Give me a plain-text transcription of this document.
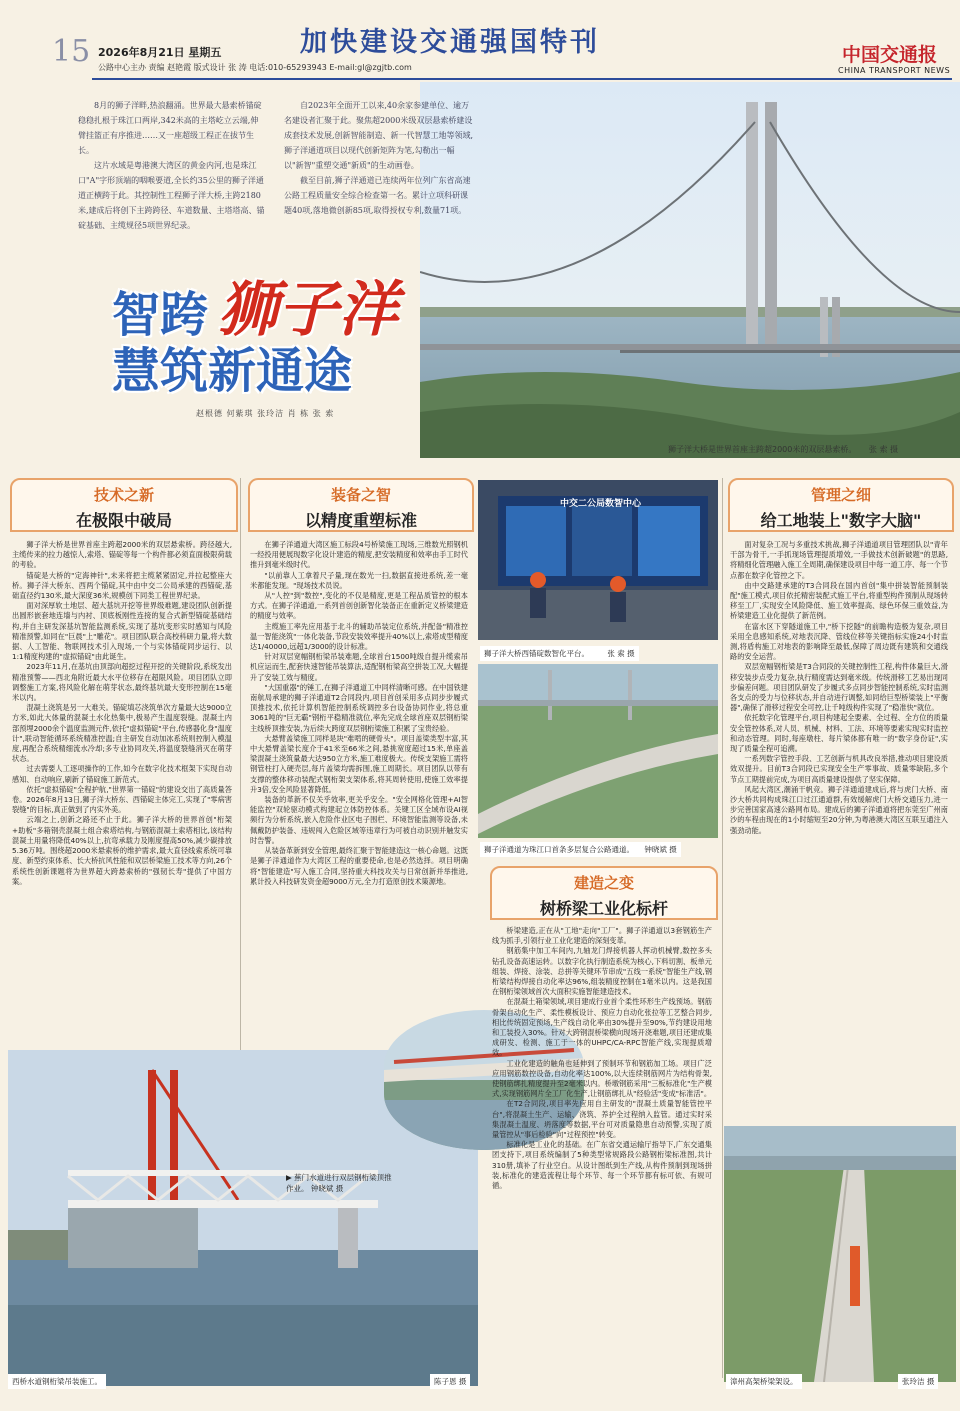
15 2026年8月21日 星期五
公路中心主办 责编 赵艳霞 版式设计 张 涛 电话:010-65293943 E-mail:gl@zgjtb.com
加快建设交通强国特刊	中国交通报
CHINA TRANSPORT NEWS

8月的狮子洋畔,热浪翻涌。世界最大悬索桥锚碇稳稳扎根于珠江口两岸,342米高的主塔屹立云端,伸臂挂篮正有序推进……又一座超级工程正在拔节生长。

这片水域是粤港澳大湾区的黄金内河,也是珠江口"A"字形顶端的咽喉要道,全长约35公里的狮子洋通道正横跨于此。其控制性工程狮子洋大桥,主跨2180米,建成后将创下主跨跨径、车道数量、主塔塔高、锚碇基础、主缆规径5项世界纪录。

自2023年全面开工以来,40余家参建单位、逾万名建设者汇聚于此。聚焦超2000米级双层悬索桥建设成套技术发展,创新智能制造、新一代智慧工地等领域,狮子洋通道项目以现代创新矩阵为笔,勾勒出一幅以"新智"重塑交通"新质"的生动画卷。

截至目前,狮子洋通道已连续两年位列广东省高速公路工程质量安全综合检查第一名。累计立项科研课题40项,落地微创新85项,取得授权专利,数量71项。

智跨 狮子洋
慧筑新通途
赵根德 何紫琪 张玲洁 肖 栋 张 索
狮子洋大桥是世界首座主跨超2000米的双层悬索桥。 张 索 摄
技术之新
在极限中破局

狮子洋大桥是世界首座主跨超2000米的双层悬索桥。跨径越大,主缆传来的拉力越惊人,索塔、锚碇等每一个构件都必须直面极限荷载的考验。

锚碇是大桥的"定海神针",未来将把主缆紧紧固定,并拉起整座大桥。狮子洋大桥东、西两个锚碇,其中由中交二公局承建的西锚碇,基础直径约130米,最大深度36米,规模创下同类工程世界纪录。

面对深厚软土地层、超大基坑开挖等世界级难题,建设团队创新提出圆形嵌套地连墙与内衬、顶底板刚性连接的复合式新型锚碇基础结构,并自主研发深基坑智能监测系统,实现了基坑变形实时感知与风险精准预警,如同在"巨晨"上"雕花"。项目团队联合高校科研力量,将大数据、人工智能、物联网技术引入现场,一个与实体锚碇同步运行、以1:1精度构建的"虚拟锚碇"由此诞生。

2023年11月,在基坑由顶部向超挖过程开挖的关键阶段,系统发出精准预警——西北角附近最大水平位移存在超限风险。项目团队立即调整施工方案,将风险化解在萌芽状态,最终基坑最大变形控制在15毫米以内。

混凝土浇筑是另一大难关。锚碇填芯浇筑单次方量最大达9000立方米,如此大体量的混凝土水化热集中,极易产生温度裂缝。混凝土内部预埋2000余个温度监测元件,依托"虚拟锚碇"平台,传感器化身"温度计",联动智能循环系统精准控温;自主研发自动加冰系统则控制入模温度,再配合系统精细流水冷却;多专业协同攻关,将温度裂缝消灭在萌芽状态。

过去需要人工逐项操作的工作,如今在数字化技术框架下实现自动感知、自动响应,刷新了锚碇施工新范式。

依托"虚拟锚碇"全程护航,"世界第一锚碇"的建设交出了高质量答卷。2026年8月13日,狮子洋大桥东、西锚碇主体完工,实现了"零病害裂缝"的目标,真正做到了内实外美。

云端之上,创新之路还不止于此。狮子洋大桥的世界首创"桁架+助板"多箱钢壳混凝土组合索塔结构,与钢筋混凝土索塔相比,该结构混凝土用量将降低40%以上,抗弯承载力及刚度提高50%,减少碳排放5.36万吨。围绕超2000米悬索桥的维护需求,最大直径线索系统可靠度、新型约束体系、长大桥抗风性能和双层桥梁施工技术等方向,26个系统性创新课题将为世界超大跨悬索桥的"强韧长寿"提供了中国方案。

西桥水道钢桁梁吊装施工。	陈子恩 摄
装备之智
以精度重塑标准

在狮子洋通道大湾区施工标段4号桥梁施工现场,三维数光照钢机一经投用便展现数字化设计建造的精度,把安装精度和效率由手工时代推升到毫米级时代。

"以前靠人工拿着尺子量,现在数光一扫,数据直接进系统,差一毫米都能发现。"现场技术员说。

从"人控"到"数控",变化的不仅是精度,更是工程品质管控的根本方式。在狮子洋通道,一系列首创创新智化装备正在重新定义桥梁建造的精度与效率。

主缆施工率先应用基于北斗的辅助吊装定位系统,并配备"精准控温一智能浇筑"一体化装备,节段安装效率提升40%以上,索塔成型精度达1/40000,远超1/3000的设计标准。

针对双层宽幅钢桁梁吊装难题,全球首台1500吨级自提升缆索吊机应运而生,配套快速智能吊装算法,适配钢桁梁高空拼装工况,大幅提升了安装工效与精度。

"大国重器"的锤工,在狮子洋通道工中同样清晰可感。在中国铁建南航局承建的狮子洋通道T2合同段内,项目首创采用多点同步步履式顶推技术,依托计算机智能控制系统调控多台设备协同作业,将总重3061吨的"巨无霸"钢桁平稳精准就位,率先完成全球首座双层钢桁梁主线桥顶推安装,为后续大跨度双层钢桁梁施工积累了宝贵经验。

大悬臂盖梁施工同样是块"难啃的硬骨头"。项目盖梁类型丰富,其中大悬臂盖梁长度介于41米至66米之间,悬挑宽度超过15米,单座盖梁混凝土浇筑量最大达950立方米,施工难度极大。传统支架施工需将钢管柱打入硬壳层,每片盖梁均需拆围,施工周期长。项目团队以带有支撑的整体移动装配式钢桁架支架体系,将其周转使用,使施工效率提升3倍,安全风险显著降低。

装备的革新不仅关乎效率,更关乎安全。"安全网格化管理+AI智能监控"双轮驱动模式构建起立体防控体系。关键工区全域布设AI视频行为分析系统,嵌入危险作业区电子围栏、环境智能监测等设备,未佩戴防护装备、违规闯入危险区域等违章行为可被自动识别并触发实时告警。

从装备革新到安全管理,最终汇聚于智能建造这一核心命题。这既是狮子洋通道作为大湾区工程的重要使命,也是必然选择。项目明确将"智能建造"写入施工合同,坚持重大科技攻关与日常创新并举推进,累计投入科技研发资金超9000万元,全力打造原创技术策源地。

▶ 蕉门水道进行双层钢桁梁顶推作业。 钟晓斌 摄
中交二公局数智中心
狮子洋大桥西锚碇数智化平台。 张 索 摄
狮子洋通道为珠江口首条多层复合公路通道。 钟晓斌 摄
建造之变
树桥梁工业化标杆

桥梁建造,正在从"工地"走向"工厂"。狮子洋通道以3套钢筋生产线为抓手,引领行业工业化建造的深刻变革。

钢筋集中加工车间内,九轴龙门焊接机器人挥动机械臂,数控多头钻孔设备高速运转。以数字化执行制造系统为核心,下料切割、板单元组装、焊接、涂装、总拼等关键环节串成"五线一系统"智能生产线,钢桁梁结构焊接自动化率达96%,组装精度控制在1毫米以内。这是我国在钢桁梁领域首次大面积实施智能建造技术。

在混凝土箱梁领域,项目建成行业首个柔性环形生产线预场。钢筋骨架自动化生产、柔性模板设计、预应力自动化张拉等工艺整合同步,相比传统固定预场,生产线自动化率由30%提升至90%,节约建设用地和工装投入30%。针对大跨钢混桥梁横向现场开浇难题,项目还建成集成研发、检测、施工于一体的UHPC/CA-RPC智能产线,实现提质增效。

工业化建造的触角也延伸到了预制环节和钢筋加工场。项目广泛应用钢筋数控设备,自动化率达100%,以大连续钢筋网片为结构骨架,使钢筋绑扎精度提升至2毫米以内。桥墩钢筋采用"三板标准化"生产模式,实现钢筋网片全工厂化生产,让钢筋绑扎从"经验活"变成"标准活"。

在T2合同段,项目率先应用自主研发的"混凝土质量智能管控平台",将混凝土生产、运输、浇筑、养护全过程纳入监管。通过实时采集混凝土温度、坍落度等数据,平台可对质量隐患自动预警,实现了质量管控从"事后检验"向"过程预控"转变。

标准化是工业化的基础。在广东省交通运输厅指导下,广东交通集团支持下,项目系统编制了5种类型常规路段公路钢桁梁标准图,共计310册,填补了行业空白。从设计图纸到生产线,从构件预制到现场拼装,标准化的建造流程让每个环节、每一个环节都有标可依、有规可循。

管理之细
给工地装上"数字大脑"

面对复杂工况与多重技术挑战,狮子洋通道项目管理团队以"青年干部为骨干,一手抓现场管理提质增效,一手做技术创新破题"的思路,将精细化管理融入施工全周期,确保建设项目中每一道工序、每一个节点都在数字化管控之下。

由中交路建承建的T3合同段在国内首创"集中拼装智能预制装配"施工模式,项目依托精密装配式施工平台,将重型构件预制从现场转移至工厂,实现安全风险降低、施工效率提高、绿色环保三重效益,为桥梁建造工业化提供了新范例。

在富水区下穿隧道施工中,"桥下挖隧"的前瞻构造极为复杂,项目采用全息感知系统,对地表沉降、管线位移等关键指标实施24小时监测,将盾构施工对地表的影响降至最低,保障了周边既有建筑和交通线路的安全运营。

双层宽幅钢桁梁是T3合同段的关键控制性工程,构件体量巨大,滑移安装步点受力复杂,执行精度需达到毫米级。传统滑移工艺易出现同步偏差问题。项目团队研发了步履式多点同步智能控制系统,实时监测各支点的受力与位移状态,并自动进行调整,如同给巨型桥梁装上"平衡器",确保了滑移过程安全可控,让千吨级构件实现了"稳准快"就位。

依托数字化管理平台,项目构建起全要素、全过程、全方位的质量安全管控体系,对人员、机械、材料、工法、环境等要素实现实时监控和动态管理。同时,每座墩柱、每片梁体都有唯一的"数字身份证",实现了质量全程可追溯。

一系列数字管控手段、工艺创新与机具改良举措,推动项目建设质效双提升。目前T3合同段已实现安全生产零事故、质量零缺陷,多个节点工期提前完成,为项目高质量建设提供了坚实保障。

风起大湾区,潮涌干帆竞。狮子洋通道建成后,将与虎门大桥、南沙大桥共同构成珠江口过江通道群,有效缓解虎门大桥交通压力,进一步完善国家高速公路网布局。建成后的狮子洋通道将把东莞至广州南沙的车程由现在的1小时缩短至20分钟,为粤港澳大湾区互联互通注入强劲动能。

漳州高架桥梁架设。	张玲洁 摄
